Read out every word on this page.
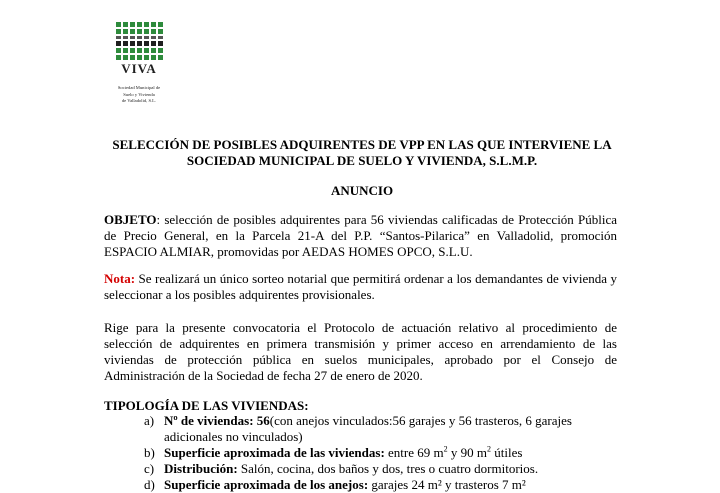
VIVA
Sociedad Municipal de
Suelo y Vivienda
de Valladolid, S.L.
SELECCIÓN DE POSIBLES ADQUIRENTES DE VPP EN LAS QUE INTERVIENE LA SOCIEDAD MUNICIPAL DE SUELO Y VIVIENDA, S.L.M.P.
ANUNCIO
OBJETO: selección de posibles adquirentes para 56 viviendas calificadas de Protección Pública de Precio General, en la Parcela 21-A del P.P. “Santos-Pilarica” en Valladolid, promoción ESPACIO ALMIAR, promovidas por AEDAS HOMES OPCO, S.L.U.
Nota: Se realizará un único sorteo notarial que permitirá ordenar a los demandantes de vivienda y seleccionar a los posibles adquirentes provisionales.
Rige para la presente convocatoria el Protocolo de actuación relativo al procedimiento de selección de adquirentes en primera transmisión y primer acceso en arrendamiento de las viviendas de protección pública en suelos municipales, aprobado por el Consejo de Administración de la Sociedad de fecha 27 de enero de 2020.
TIPOLOGÍA DE LAS VIVIENDAS:
a) Nº de viviendas: 56(con anejos vinculados:56 garajes y 56 trasteros, 6 garajes adicionales no vinculados)
b) Superficie aproximada de las viviendas: entre 69 $m^2$ y 90 $m^2$ útiles
c) Distribución: Salón, cocina, dos baños y dos, tres o cuatro dormitorios.
d) Superficie aproximada de los anejos: garajes 24 m² y trasteros 7 m²
